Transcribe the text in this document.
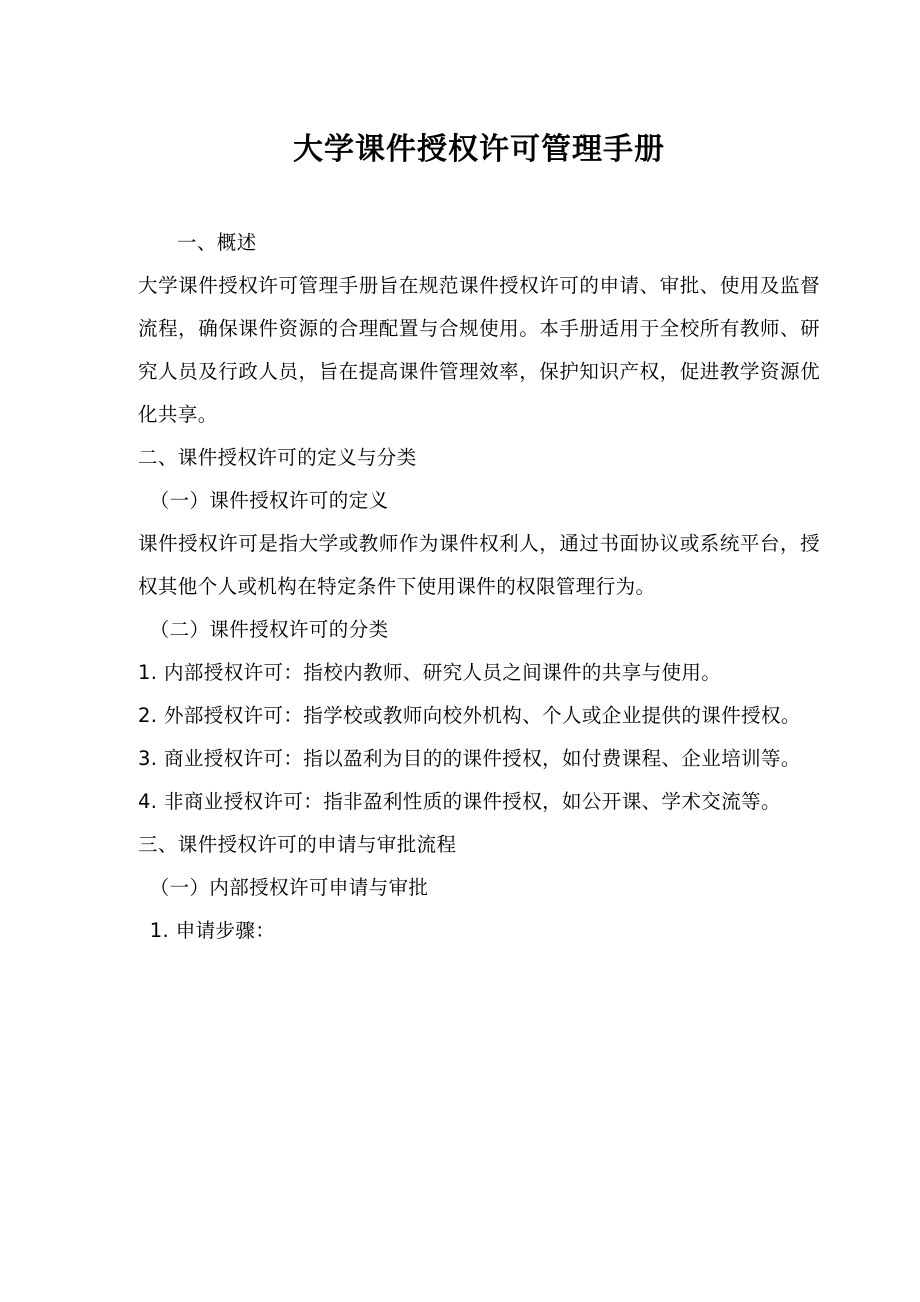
大学课件授权许可管理手册

一、概述

大学课件授权许可管理手册旨在规范课件授权许可的申请、审批、使用及监督流程，确保课件资源的合理配置与合规使用。本手册适用于全校所有教师、研究人员及行政人员，旨在提高课件管理效率，保护知识产权，促进教学资源优化共享。

二、课件授权许可的定义与分类

（一）课件授权许可的定义

课件授权许可是指大学或教师作为课件权利人，通过书面协议或系统平台，授权其他个人或机构在特定条件下使用课件的权限管理行为。

（二）课件授权许可的分类

1. 内部授权许可：指校内教师、研究人员之间课件的共享与使用。

2. 外部授权许可：指学校或教师向校外机构、个人或企业提供的课件授权。

3. 商业授权许可：指以盈利为目的的课件授权，如付费课程、企业培训等。

4. 非商业授权许可：指非盈利性质的课件授权，如公开课、学术交流等。

三、课件授权许可的申请与审批流程

（一）内部授权许可申请与审批

1. 申请步骤：
